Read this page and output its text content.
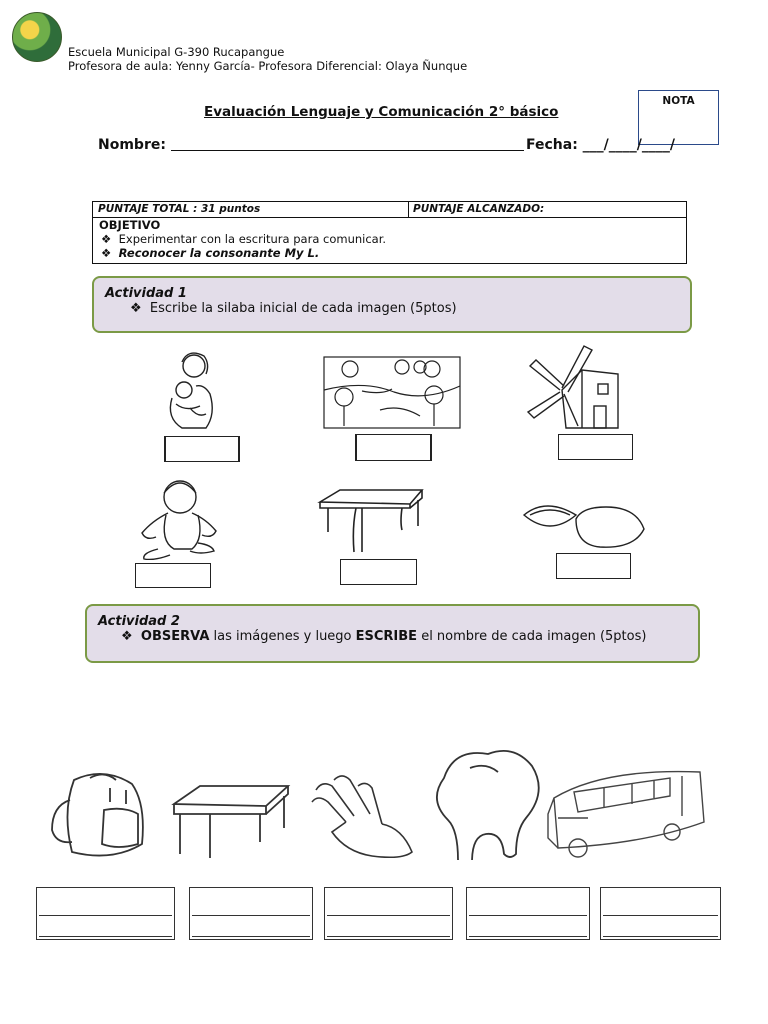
Escuela Municipal G-390 Rucapangue
Profesora de aula: Yenny García- Profesora Diferencial: Olaya Ñunque
NOTA
Evaluación Lenguaje y Comunicación 2° básico
Nombre:	Fecha: ___/____/____/
PUNTAJE TOTAL : 31 puntos	PUNTAJE ALCANZADO:
OBJETIVO
❖ Experimentar con la escritura para comunicar.
❖ Reconocer la consonante My L.
Actividad 1
❖ Escribe la silaba inicial de cada imagen (5ptos)
Actividad 2
❖ OBSERVA las imágenes y luego ESCRIBE el nombre de cada imagen (5ptos)
